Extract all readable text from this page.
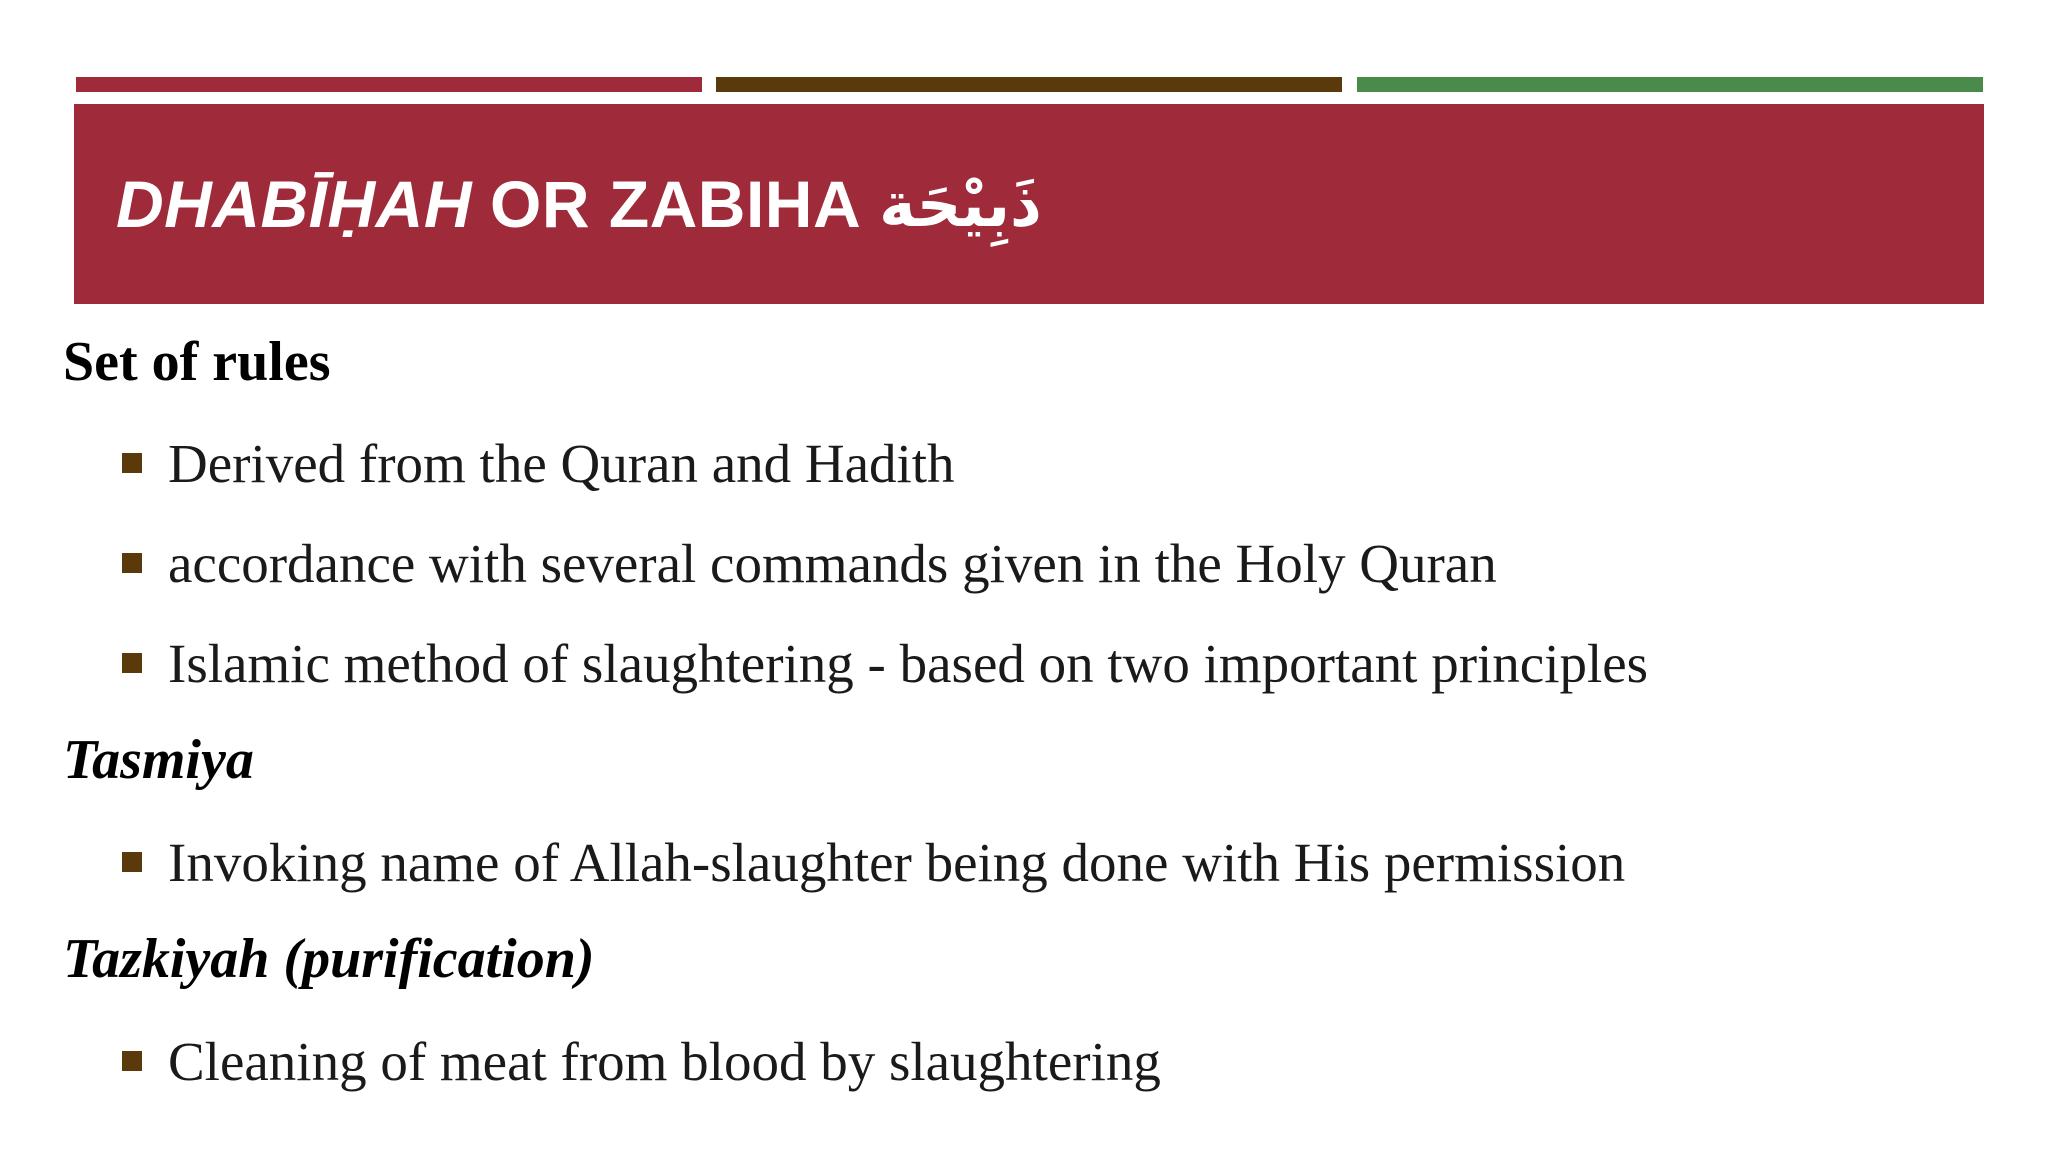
DHABĪḤAH OR ZABIHA ذَبِيْحَة
Set of rules
Derived from the Quran and Hadith
accordance with several commands given in the Holy Quran
Islamic method of slaughtering - based on two important principles
Tasmiya
Invoking name of Allah-slaughter being done with His permission
Tazkiyah (purification)
Cleaning of meat from blood by slaughtering
